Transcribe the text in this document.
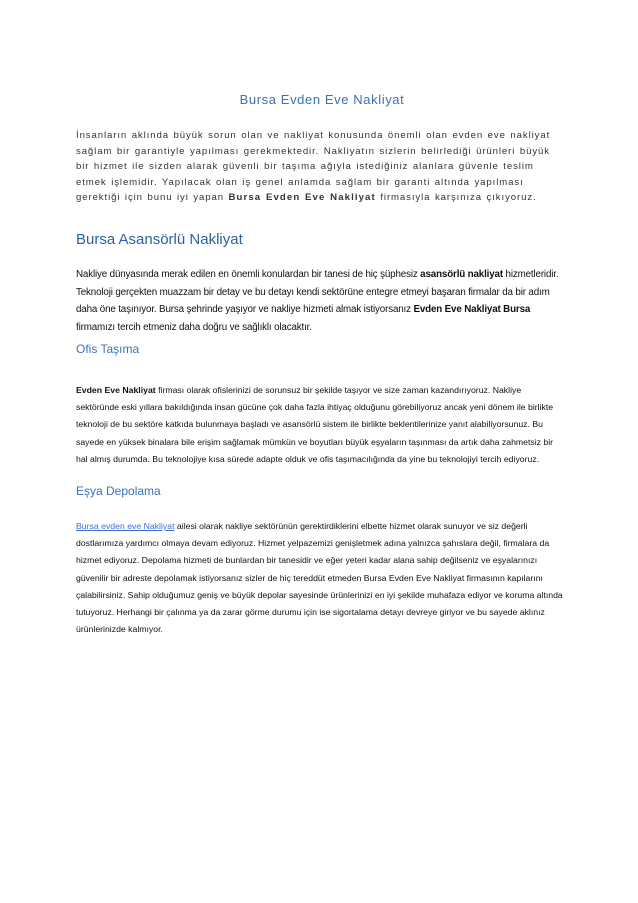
Bursa Evden Eve Nakliyat

İnsanların aklında büyük sorun olan ve nakliyat konusunda önemli olan evden eve nakliyat sağlam bir garantiyle yapılması gerekmektedir. Nakliyatın sizlerin belirlediği ürünleri büyük bir hizmet ile sizden alarak güvenli bir taşıma ağıyla istediğiniz alanlara güvenle teslim etmek işlemidir. Yapılacak olan iş genel anlamda sağlam bir garanti altında yapılması gerektiği için bunu iyi yapan Bursa Evden Eve Nakliyat firmasıyla karşınıza çıkıyoruz.

Bursa Asansörlü Nakliyat

Nakliye dünyasında merak edilen en önemli konulardan bir tanesi de hiç şüphesiz asansörlü nakliyat hizmetleridir. Teknoloji gerçekten muazzam bir detay ve bu detayı kendi sektörüne entegre etmeyi başaran firmalar da bir adım daha öne taşınıyor. Bursa şehrinde yaşıyor ve nakliye hizmeti almak istiyorsanız Evden Eve Nakliyat Bursa firmamızı tercih etmeniz daha doğru ve sağlıklı olacaktır.

Ofis Taşıma

Evden Eve Nakliyat firması olarak ofislerinizi de sorunsuz bir şekilde taşıyor ve size zaman kazandırıyoruz. Nakliye sektöründe eski yıllara bakıldığında insan gücüne çok daha fazla ihtiyaç olduğunu görebiliyoruz ancak yeni dönem ile birlikte teknoloji de bu sektöre katkıda bulunmaya başladı ve asansörlü sistem ile birlikte beklentilerinize yanıt alabiliyorsunuz. Bu sayede en yüksek binalara bile erişim sağlamak mümkün ve boyutları büyük eşyaların taşınması da artık daha zahmetsiz bir hal almış durumda. Bu teknolojiye kısa sürede adapte olduk ve ofis taşımacılığında da yine bu teknolojiyi tercih ediyoruz.

Eşya Depolama

Bursa evden eve Nakliyat ailesi olarak nakliye sektörünün gerektirdiklerini elbette hizmet olarak sunuyor ve siz değerli dostlarımıza yardımcı olmaya devam ediyoruz. Hizmet yelpazemizi genişletmek adına yalnızca şahıslara değil, firmalara da hizmet ediyoruz. Depolama hizmeti de bunlardan bir tanesidir ve eğer yeteri kadar alana sahip değilseniz ve eşyalarınızı güvenilir bir adreste depolamak istiyorsanız sizler de hiç tereddüt etmeden Bursa Evden Eve Nakliyat firmasının kapılarını çalabilirsiniz. Sahip olduğumuz geniş ve büyük depolar sayesinde ürünlerinizi en iyi şekilde muhafaza ediyor ve koruma altında tutuyoruz. Herhangi bir çalınma ya da zarar görme durumu için ise sigortalama detayı devreye giriyor ve bu sayede aklınız ürünlerinizde kalmıyor.
